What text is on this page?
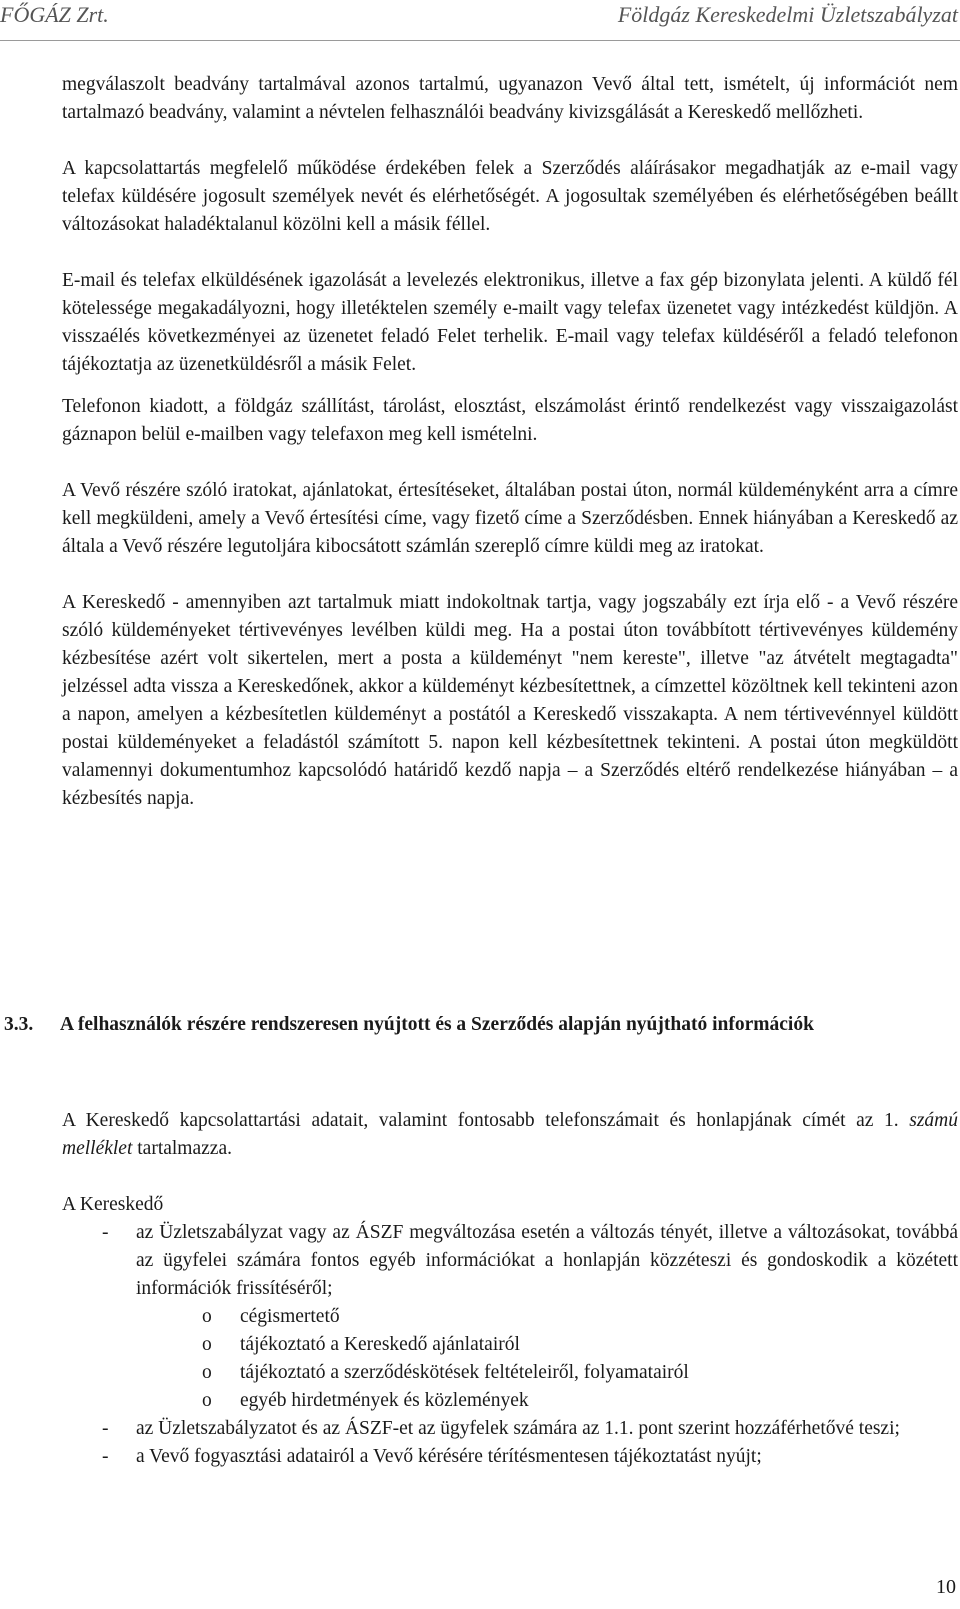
FŐGÁZ Zrt.	Földgáz Kereskedelmi Üzletszabályzat

megválaszolt beadvány tartalmával azonos tartalmú, ugyanazon Vevő által tett, ismételt, új információt nem tartalmazó beadvány, valamint a névtelen felhasználói beadvány kivizsgálását a Kereskedő mellőzheti.

A kapcsolattartás megfelelő működése érdekében felek a Szerződés aláírásakor megadhatják az e-mail vagy telefax küldésére jogosult személyek nevét és elérhetőségét. A jogosultak személyében és elérhetőségében beállt változásokat haladéktalanul közölni kell a másik féllel.

E-mail és telefax elküldésének igazolását a levelezés elektronikus, illetve a fax gép bizonylata jelenti. A küldő fél kötelessége megakadályozni, hogy illetéktelen személy e-mailt vagy telefax üzenetet vagy intézkedést küldjön. A visszaélés következményei az üzenetet feladó Felet terhelik. E-mail vagy telefax küldéséről a feladó telefonon tájékoztatja az üzenetküldésről a másik Felet.

Telefonon kiadott, a földgáz szállítást, tárolást, elosztást, elszámolást érintő rendelkezést vagy visszaigazolást gáznapon belül e-mailben vagy telefaxon meg kell ismételni.

A Vevő részére szóló iratokat, ajánlatokat, értesítéseket, általában postai úton, normál küldeményként arra a címre kell megküldeni, amely a Vevő értesítési címe, vagy fizető címe a Szerződésben. Ennek hiányában a Kereskedő az általa a Vevő részére legutoljára kibocsátott számlán szereplő címre küldi meg az iratokat.

A Kereskedő - amennyiben azt tartalmuk miatt indokoltnak tartja, vagy jogszabály ezt írja elő - a Vevő részére szóló küldeményeket tértivevényes levélben küldi meg. Ha a postai úton továbbított tértivevényes küldemény kézbesítése azért volt sikertelen, mert a posta a küldeményt "nem kereste", illetve "az átvételt megtagadta" jelzéssel adta vissza a Kereskedőnek, akkor a küldeményt kézbesítettnek, a címzettel közöltnek kell tekinteni azon a napon, amelyen a kézbesítetlen küldeményt a postától a Kereskedő visszakapta. A nem tértivevénnyel küldött postai küldeményeket a feladástól számított 5. napon kell kézbesítettnek tekinteni. A postai úton megküldött valamennyi dokumentumhoz kapcsolódó határidő kezdő napja – a Szerződés eltérő rendelkezése hiányában – a kézbesítés napja.

3.3. A felhasználók részére rendszeresen nyújtott és a Szerződés alapján nyújtható információk

A Kereskedő kapcsolattartási adatait, valamint fontosabb telefonszámait és honlapjának címét az 1. számú melléklet tartalmazza.

A Kereskedő

- az Üzletszabályzat vagy az ÁSZF megváltozása esetén a változás tényét, illetve a változásokat, továbbá az ügyfelei számára fontos egyéb információkat a honlapján közzéteszi és gondoskodik a közétett információk frissítéséről;
o cégismertető
o tájékoztató a Kereskedő ajánlatairól
o tájékoztató a szerződéskötések feltételeiről, folyamatairól
o egyéb hirdetmények és közlemények
- az Üzletszabályzatot és az ÁSZF-et az ügyfelek számára az 1.1. pont szerint hozzáférhetővé teszi;
- a Vevő fogyasztási adatairól a Vevő kérésére térítésmentesen tájékoztatást nyújt;
10
